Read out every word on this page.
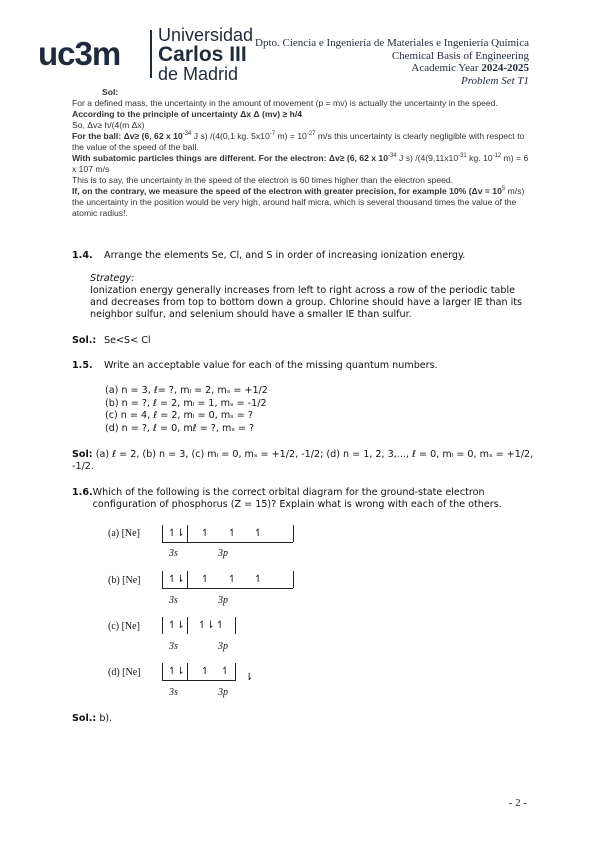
uc3m Universidad
Carlos III
de Madrid
Dpto. Ciencia e Ingeniería de Materiales e Ingeniería Química
Chemical Basis of Engineering
Academic Year 2024-2025
Problem Set T1

Sol:

For a defined mass, the uncertainty in the amount of movement (p = mv) is actually the uncertainty in the speed.

According to the principle of uncertainty Δx Δ (mv) ≥ h/4

So, Δv≥ h/(4(m Δx)

For the ball: Δv≥ (6, 62 x $10^{-34}$ J s) /(4(0,1 kg. $5x10^{-7}$ $m) = 10^{-27}$ m/s this uncertainty is clearly negligible with respect to the value of the speed of the ball.

With subatomic particles things are different. For the electron: Δv≥ (6, 62 x $10^{-34}$ J s) $/(4(9,11x10^{-31}$ kg. $10^{-12}$ m) = 6 x 107 m/s

This is to say, the uncertainty in the speed of the electron is 60 times higher than the electron speed.

If, on the contrary, we measure the speed of the electron with greater precision, for example 10% ($\Delta v = 10^5$ m/s) the uncertainty in the position would be very high, around half micra, which is several thousand times the value of the atomic radius!.

1.4.	Arrange the elements Se, Cl, and S in order of increasing ionization energy.
Strategy:
Ionization energy generally increases from left to right across a row of the periodic table and decreases from top to bottom down a group. Chlorine should have a larger IE than its neighbor sulfur, and selenium should have a smaller IE than sulfur.
Sol.: Se<S< Cl
1.5.	Write an acceptable value for each of the missing quantum numbers.
(a) n = 3, ℓ= ?, mₗ = 2, mₛ = +1/2
(b) n = ?, ℓ = 2, mₗ = 1, mₛ = -1/2
(c) n = 4, ℓ = 2, mₗ = 0, mₛ = ?
(d) n = ?, ℓ = 0, mℓ = ?, mₛ = ?
Sol: (a) ℓ = 2, (b) n = 3, (c) mₗ = 0, mₛ = +1/2, -1/2; (d) n = 1, 2, 3,..., ℓ = 0, mₗ = 0, mₛ = +1/2, -1/2.
1.6. Which of the following is the correct orbital diagram for the ground-state electron configuration of phosphorus (Z = 15)? Explain what is wrong with each of the others.
(a) [Ne]	↿⇂ ↿ ↿ ↿
3s	3p
(b) [Ne]	↿⇂ ↿ ↿ ↿
3s	3p
(c) [Ne]	↿⇂ ↿⇂ ↿
3s	3p
(d) [Ne]	↿⇂ ↿ ↿
⇂
3s	3p
Sol.: b).
- 2 -
